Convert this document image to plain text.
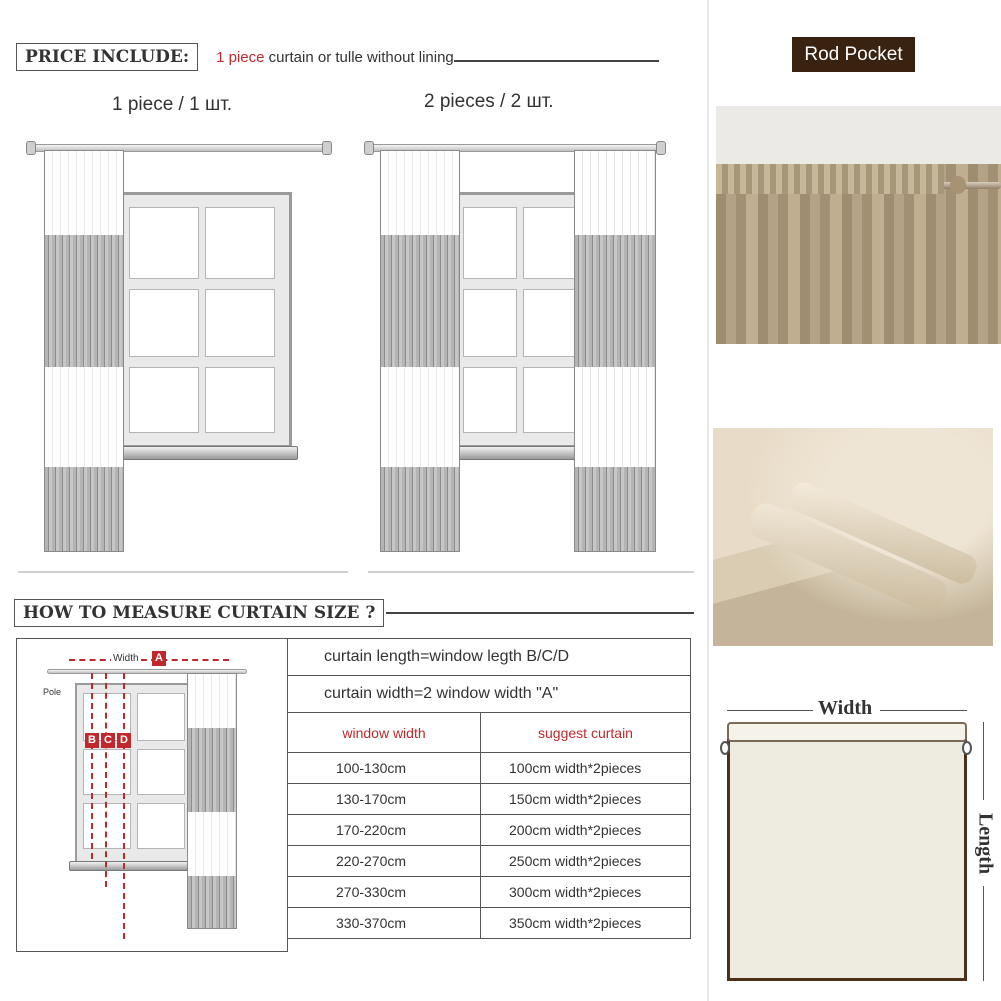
PRICE INCLUDE:	1 piece curtain or tulle without lining
1 piece / 1 шт.	2 pieces / 2 шт.
HOW TO MEASURE CURTAIN SIZE ?
Width A
Pole
B C D
curtain length=window legth B/C/D	
curtain width=2 window width "A"	
window width	suggest curtain
100-130cm	100cm width*2pieces
130-170cm	150cm width*2pieces
170-220cm	200cm width*2pieces
220-270cm	250cm width*2pieces
270-330cm	300cm width*2pieces
330-370cm	350cm width*2pieces
Rod Pocket
Width
Length
